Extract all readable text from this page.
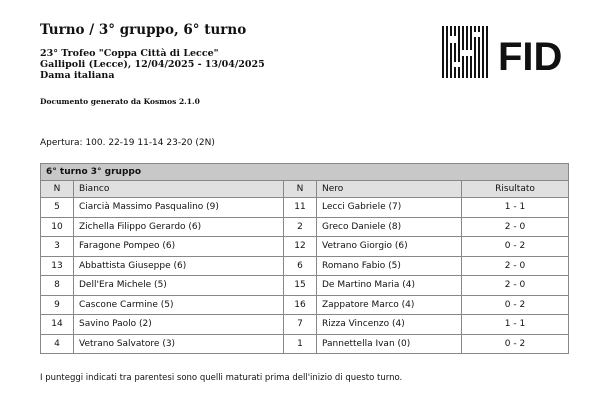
Turno / 3° gruppo, 6° turno
23° Trofeo "Coppa Città di Lecce"
Gallipoli (Lecce), 12/04/2025 - 13/04/2025
Dama italiana
Documento generato da Kosmos 2.1.0
FID
Apertura: 100. 22-19 11-14 23-20 (2N)
6° turno 3° gruppo				
N	Bianco	N	Nero	Risultato
5	Ciarcià Massimo Pasqualino (9)	11	Lecci Gabriele (7)	1 - 1
10	Zichella Filippo Gerardo (6)	2	Greco Daniele (8)	2 - 0
3	Faragone Pompeo (6)	12	Vetrano Giorgio (6)	0 - 2
13	Abbattista Giuseppe (6)	6	Romano Fabio (5)	2 - 0
8	Dell'Era Michele (5)	15	De Martino Maria (4)	2 - 0
9	Cascone Carmine (5)	16	Zappatore Marco (4)	0 - 2
14	Savino Paolo (2)	7	Rizza Vincenzo (4)	1 - 1
4	Vetrano Salvatore (3)	1	Pannettella Ivan (0)	0 - 2
I punteggi indicati tra parentesi sono quelli maturati prima dell'inizio di questo turno.
